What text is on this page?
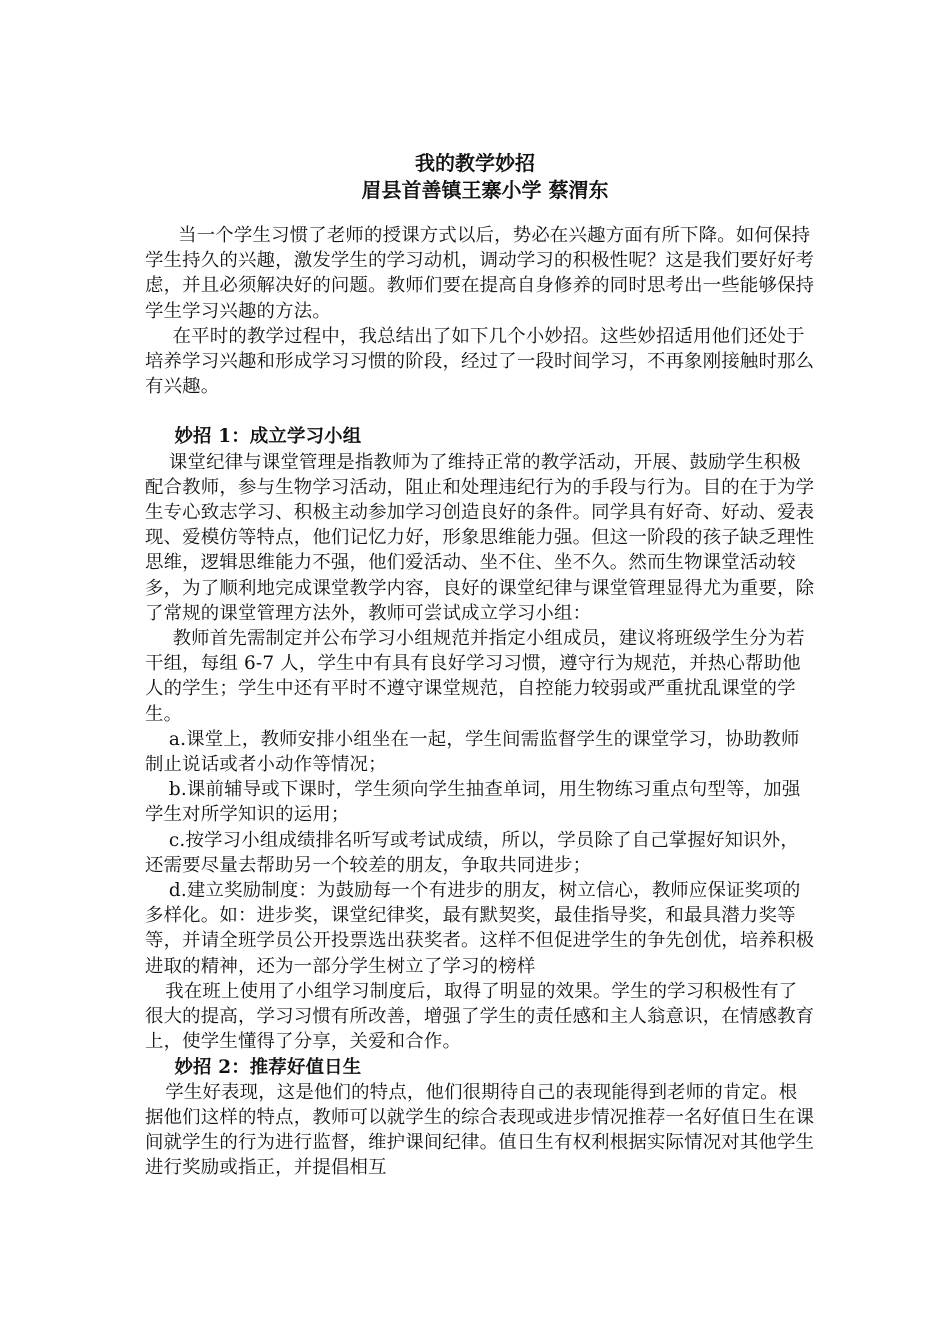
我的教学妙招
眉县首善镇王寨小学 蔡渭东

当一个学生习惯了老师的授课方式以后，势必在兴趣方面有所下降。如何保持学生持久的兴趣，激发学生的学习动机，调动学习的积极性呢？这是我们要好好考虑，并且必须解决好的问题。教师们要在提高自身修养的同时思考出一些能够保持学生学习兴趣的方法。

在平时的教学过程中，我总结出了如下几个小妙招。这些妙招适用他们还处于培养学习兴趣和形成学习习惯的阶段，经过了一段时间学习，不再象刚接触时那么有兴趣。

妙招 1：成立学习小组

课堂纪律与课堂管理是指教师为了维持正常的教学活动，开展、鼓励学生积极配合教师，参与生物学习活动，阻止和处理违纪行为的手段与行为。目的在于为学生专心致志学习、积极主动参加学习创造良好的条件。同学具有好奇、好动、爱表现、爱模仿等特点，他们记忆力好，形象思维能力强。但这一阶段的孩子缺乏理性思维，逻辑思维能力不强，他们爱活动、坐不住、坐不久。然而生物课堂活动较多，为了顺利地完成课堂教学内容，良好的课堂纪律与课堂管理显得尤为重要，除了常规的课堂管理方法外，教师可尝试成立学习小组：

教师首先需制定并公布学习小组规范并指定小组成员，建议将班级学生分为若干组，每组 6-7 人，学生中有具有良好学习习惯，遵守行为规范，并热心帮助他人的学生；学生中还有平时不遵守课堂规范，自控能力较弱或严重扰乱课堂的学生。

a.课堂上，教师安排小组坐在一起，学生间需监督学生的课堂学习，协助教师制止说话或者小动作等情况；

b.课前辅导或下课时，学生须向学生抽查单词，用生物练习重点句型等，加强学生对所学知识的运用；

c.按学习小组成绩排名听写或考试成绩，所以，学员除了自己掌握好知识外，还需要尽量去帮助另一个较差的朋友，争取共同进步；

d.建立奖励制度：为鼓励每一个有进步的朋友，树立信心，教师应保证奖项的多样化。如：进步奖，课堂纪律奖，最有默契奖，最佳指导奖，和最具潜力奖等等，并请全班学员公开投票选出获奖者。这样不但促进学生的争先创优，培养积极进取的精神，还为一部分学生树立了学习的榜样

我在班上使用了小组学习制度后，取得了明显的效果。学生的学习积极性有了很大的提高，学习习惯有所改善，增强了学生的责任感和主人翁意识，在情感教育上，使学生懂得了分享，关爱和合作。

妙招 2：推荐好值日生

学生好表现，这是他们的特点，他们很期待自己的表现能得到老师的肯定。根据他们这样的特点，教师可以就学生的综合表现或进步情况推荐一名好值日生在课间就学生的行为进行监督，维护课间纪律。值日生有权利根据实际情况对其他学生进行奖励或指正，并提倡相互
